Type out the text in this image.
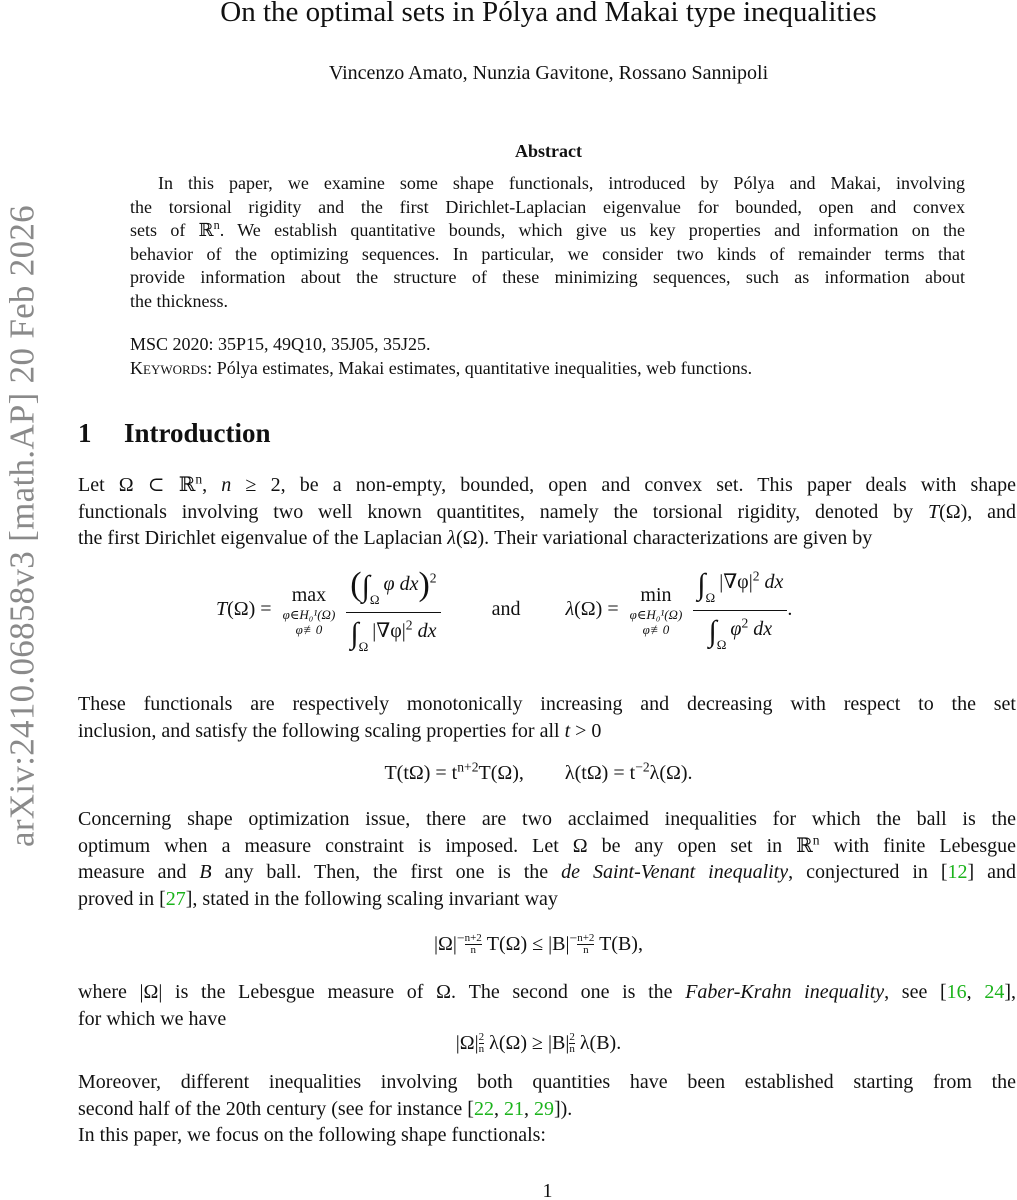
arXiv:2410.06858v3 [math.AP] 20 Feb 2026
On the optimal sets in Pólya and Makai type inequalities
Vincenzo Amato, Nunzia Gavitone, Rossano Sannipoli
Abstract
In this paper, we examine some shape functionals, introduced by Pólya and Makai, involving
the torsional rigidity and the first Dirichlet-Laplacian eigenvalue for bounded, open and convex
sets of ℝ$^n$. We establish quantitative bounds, which give us key properties and information on the
behavior of the optimizing sequences. In particular, we consider two kinds of remainder terms that
provide information about the structure of these minimizing sequences, such as information about
the thickness.
MSC 2020: 35P15, 49Q10, 35J05, 35J25.
Keywords: Pólya estimates, Makai estimates, quantitative inequalities, web functions.
1 Introduction
Let Ω ⊂ ℝ$^n$, n ≥ 2, be a non-empty, bounded, open and convex set. This paper deals with shape
functionals involving two well known quantitites, namely the torsional rigidity, denoted by T(Ω), and
the first Dirichlet eigenvalue of the Laplacian λ(Ω). Their variational characterizations are given by
T(Ω) =
max
φ∈H₀¹(Ω)
φ≢0
$\frac{(\int_\Omega\varphi dx)^2}{\int_\Omega|\nabla\varphi|^2 dx}$	and λ(Ω) =
min
φ∈H₀¹(Ω)
φ≢0
$\frac{\int_\Omega|\nabla\varphi|^2 dx}{\int_\Omega\varphi^2 dx}$ .
These functionals are respectively monotonically increasing and decreasing with respect to the set
inclusion, and satisfy the following scaling properties for all t > 0
$T(t\Omega) = t^{n+2}T(\Omega)$, $\lambda(t\Omega) = t^{-2}\lambda(\Omega)$.
Concerning shape optimization issue, there are two acclaimed inequalities for which the ball is the
optimum when a measure constraint is imposed. Let Ω be any open set in ℝ$^n$ with finite Lebesgue
measure and B any ball. Then, the first one is the de Saint-Venant inequality, conjectured in [12] and
proved in [27], stated in the following scaling invariant way
$|\Omega|^- \frac{n+2}{n} T(\Omega) \le |B|^- \frac{n+2}{n} T(B)$,
where |Ω| is the Lebesgue measure of Ω. The second one is the Faber-Krahn inequality, see [16, 24],
for which we have
$|\Omega| \frac{2}{n} \lambda(\Omega) \ge |B| \frac{2}{n} \lambda(B)$.
Moreover, different inequalities involving both quantities have been established starting from the
second half of the 20th century (see for instance [22, 21, 29]).
In this paper, we focus on the following shape functionals:
1
